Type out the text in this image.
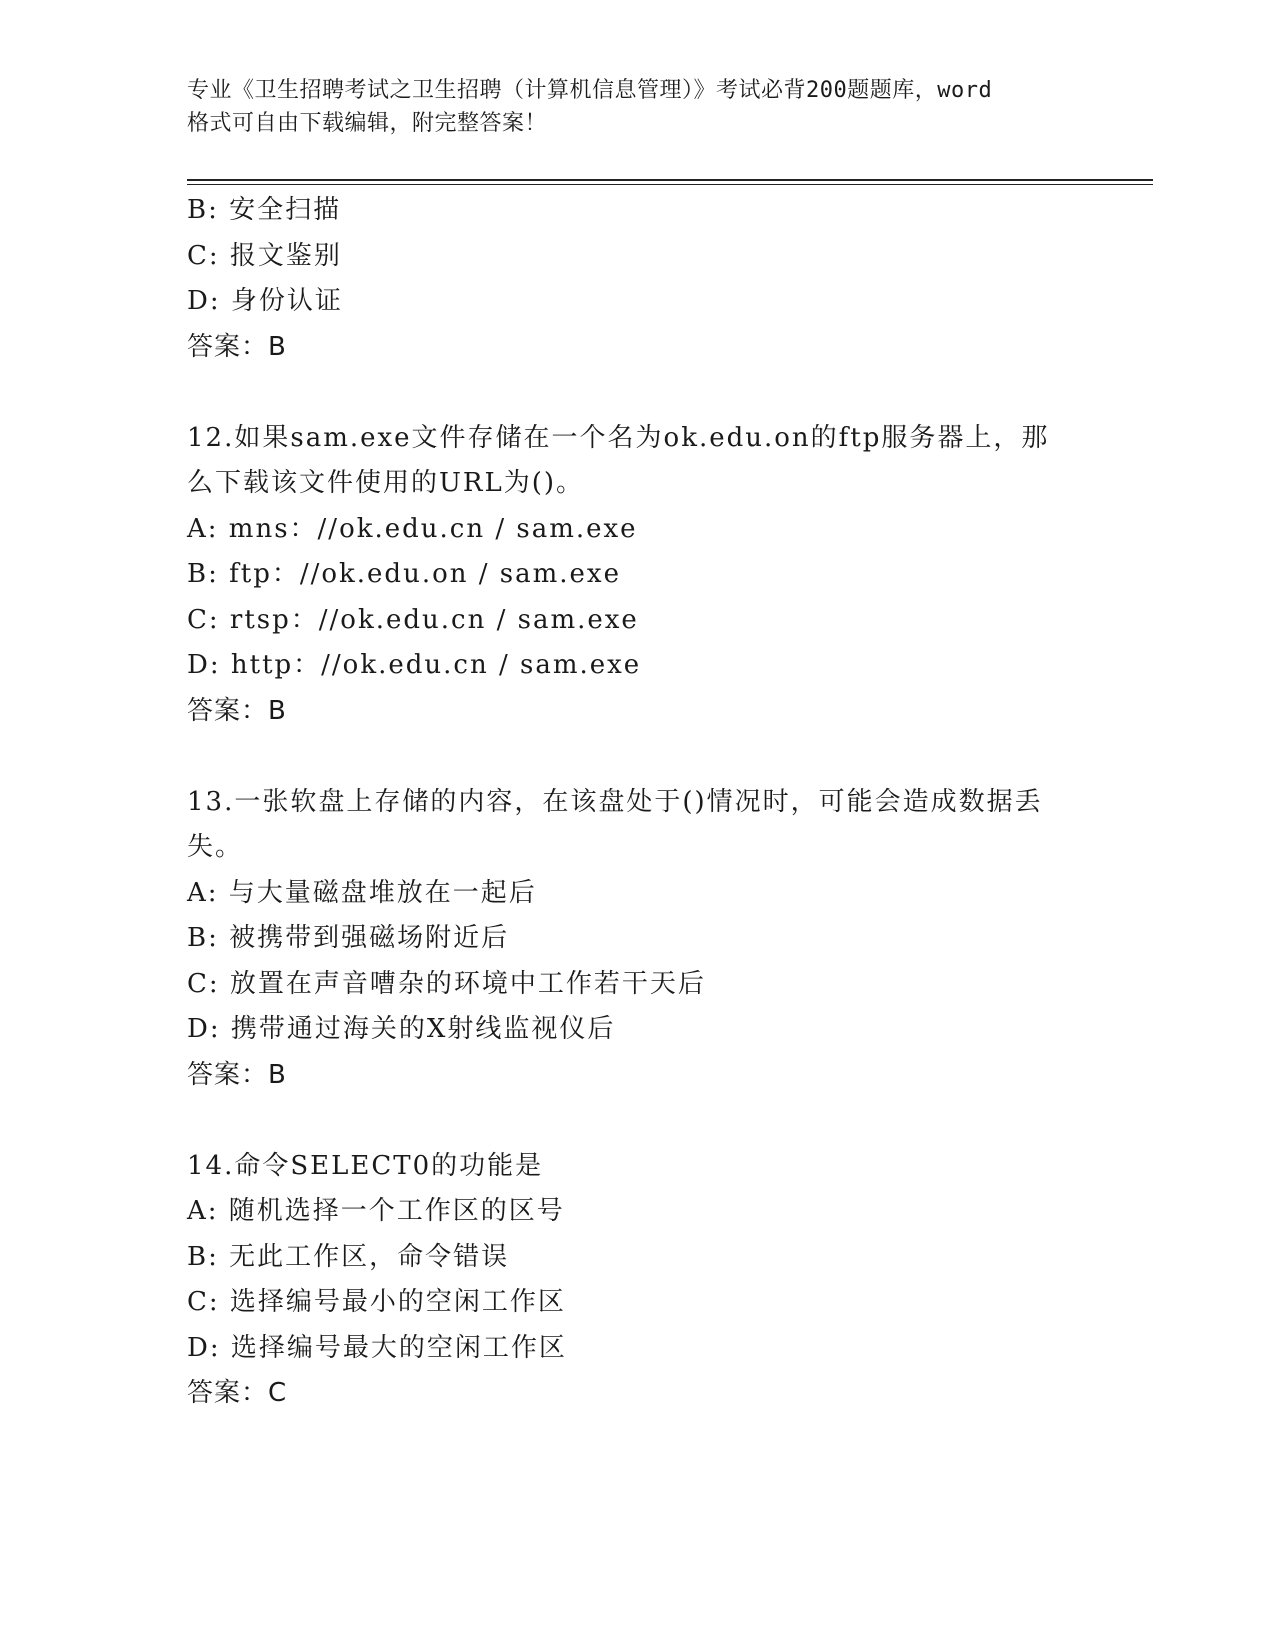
专业《卫生招聘考试之卫生招聘（计算机信息管理）》考试必背200题题库，word
格式可自由下载编辑，附完整答案！
B: 安全扫描
C: 报文鉴别
D: 身份认证
答案：B
12.如果sam.exe文件存储在一个名为ok.edu.on的ftp服务器上，那
么下载该文件使用的URL为()。
A: mns：//ok.edu.cn / sam.exe
B: ftp：//ok.edu.on / sam.exe
C: rtsp：//ok.edu.cn / sam.exe
D: http：//ok.edu.cn / sam.exe
答案：B
13.一张软盘上存储的内容，在该盘处于()情况时，可能会造成数据丢
失。
A: 与大量磁盘堆放在一起后
B: 被携带到强磁场附近后
C: 放置在声音嘈杂的环境中工作若干天后
D: 携带通过海关的X射线监视仪后
答案：B
14.命令SELECT0的功能是
A: 随机选择一个工作区的区号
B: 无此工作区，命令错误
C: 选择编号最小的空闲工作区
D: 选择编号最大的空闲工作区
答案：C
